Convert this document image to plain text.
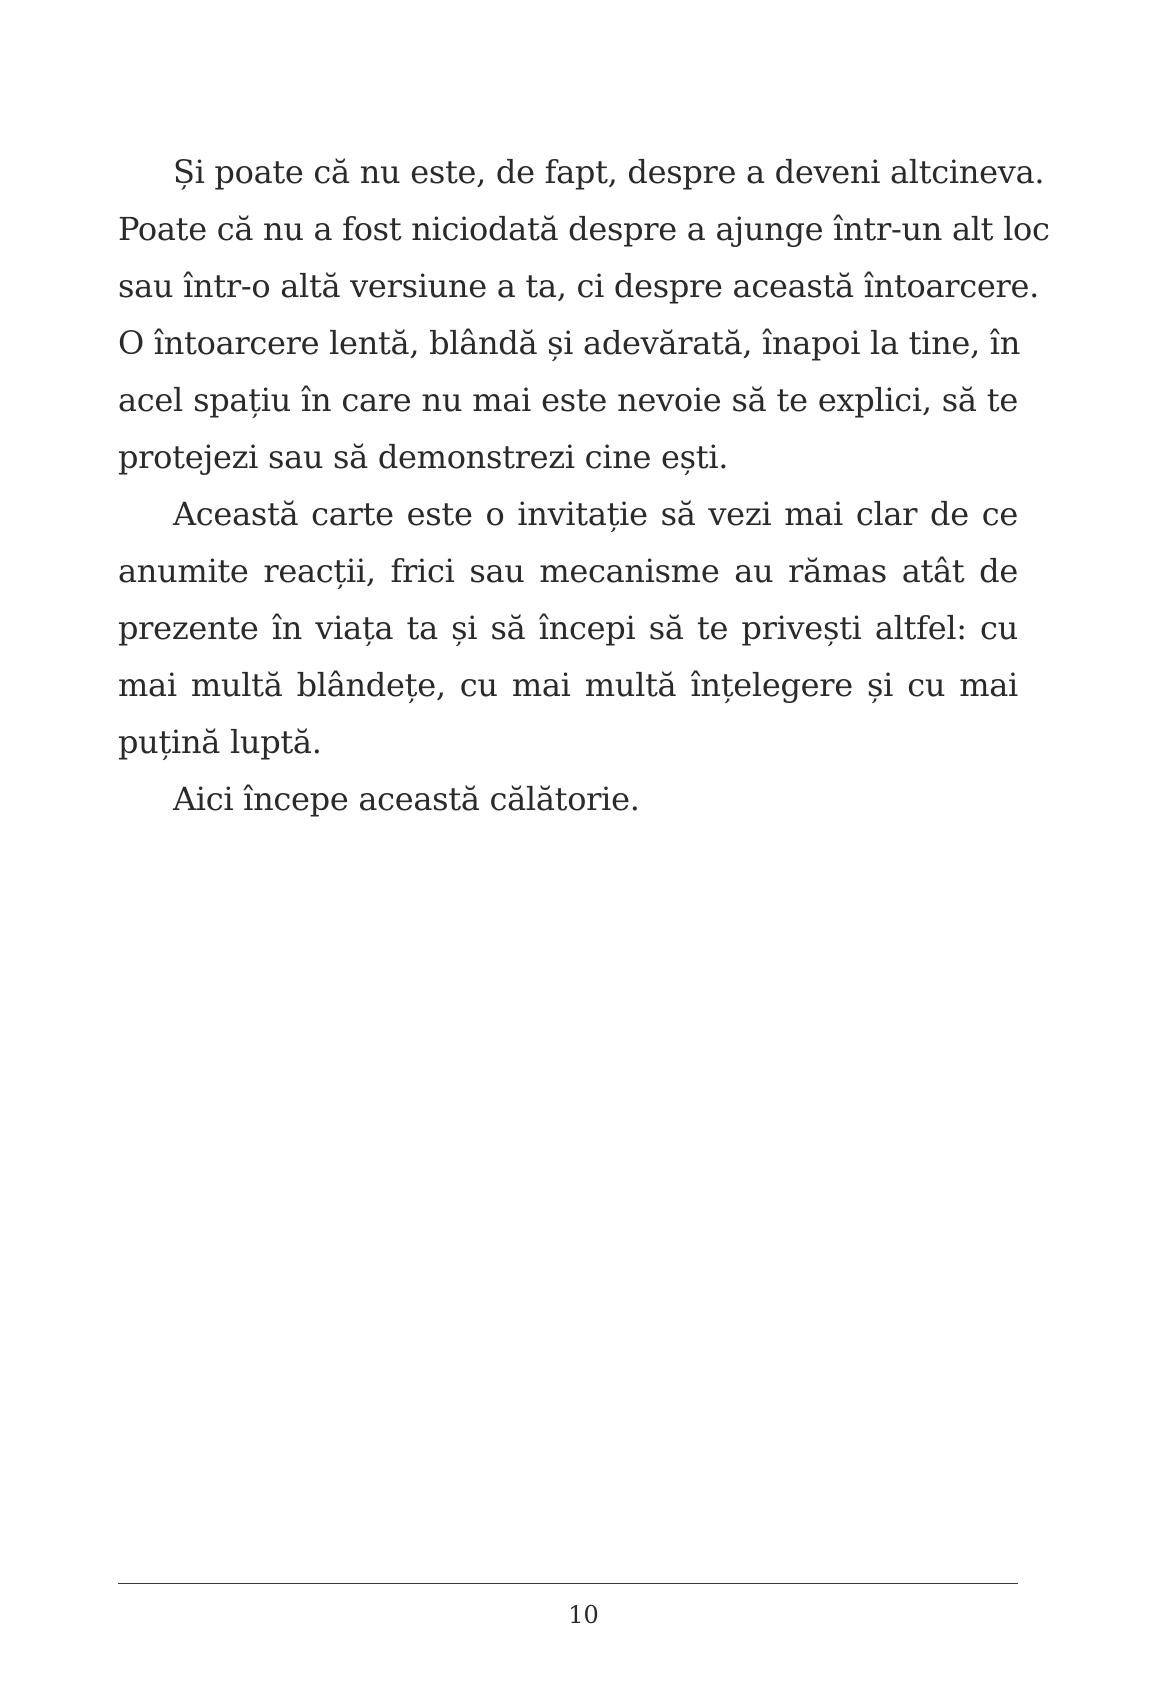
Și poate că nu este, de fapt, despre a deveni altcineva.
Poate că nu a fost niciodată despre a ajunge într-un alt loc
sau într-o altă versiune a ta, ci despre această întoarcere.
O întoarcere lentă, blândă și adevărată, înapoi la tine, în
acel spațiu în care nu mai este nevoie să te explici, să te
protejezi sau să demonstrezi cine ești.
Această carte este o invitație să vezi mai clar de ce
anumite reacții, frici sau mecanisme au rămas atât de
prezente în viața ta și să începi să te privești altfel: cu
mai multă blândețe, cu mai multă înțelegere și cu mai
puțină luptă.
Aici începe această călătorie.
10
